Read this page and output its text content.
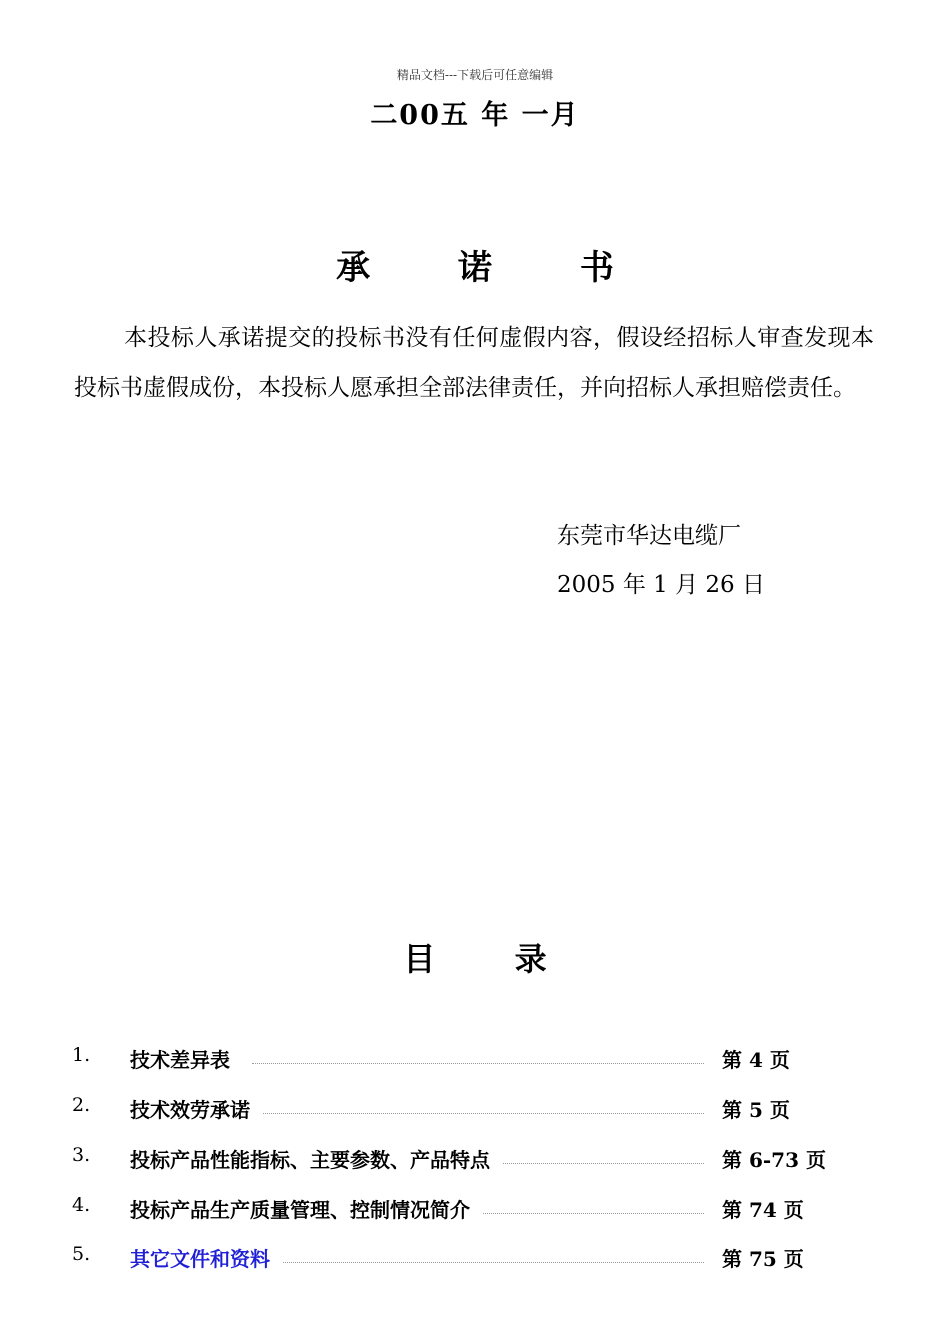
精品文档---下载后可任意编辑
二00五 年 一月
承 诺 书
本投标人承诺提交的投标书没有任何虚假内容，假设经招标人审查发现本投标书虚假成份，本投标人愿承担全部法律责任，并向招标人承担赔偿责任。
东莞市华达电缆厂
2005 年 1 月 26 日
目 录
1. 技术差异表	第 4 页
2. 技术效劳承诺	第 5 页
3. 投标产品性能指标、主要参数、产品特点	第 6-73 页
4. 投标产品生产质量管理、控制情况简介	第 74 页
5. 其它文件和资料	第 75 页
